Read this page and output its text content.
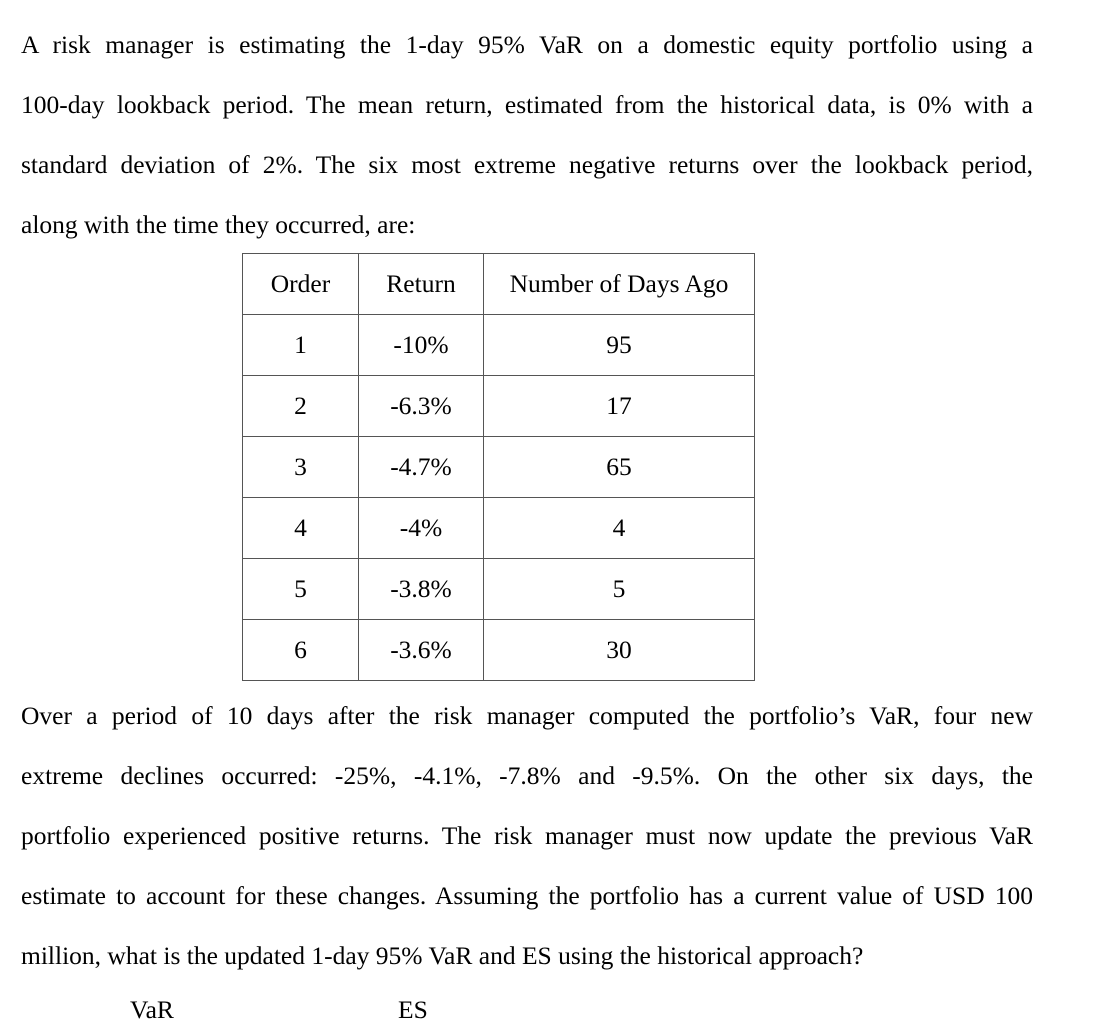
A risk manager is estimating the 1-day 95% VaR on a domestic equity portfolio using a
100-day lookback period. The mean return, estimated from the historical data, is 0% with a
standard deviation of 2%. The six most extreme negative returns over the lookback period,
along with the time they occurred, are:
Order	Return	Number of Days Ago
1	-10%	95
2	-6.3%	17
3	-4.7%	65
4	-4%	4
5	-3.8%	5
6	-3.6%	30
Over a period of 10 days after the risk manager computed the portfolio’s VaR, four new
extreme declines occurred: -25%, -4.1%, -7.8% and -9.5%. On the other six days, the
portfolio experienced positive returns. The risk manager must now update the previous VaR
estimate to account for these changes. Assuming the portfolio has a current value of USD 100
million, what is the updated 1-day 95% VaR and ES using the historical approach?
VaR	ES
